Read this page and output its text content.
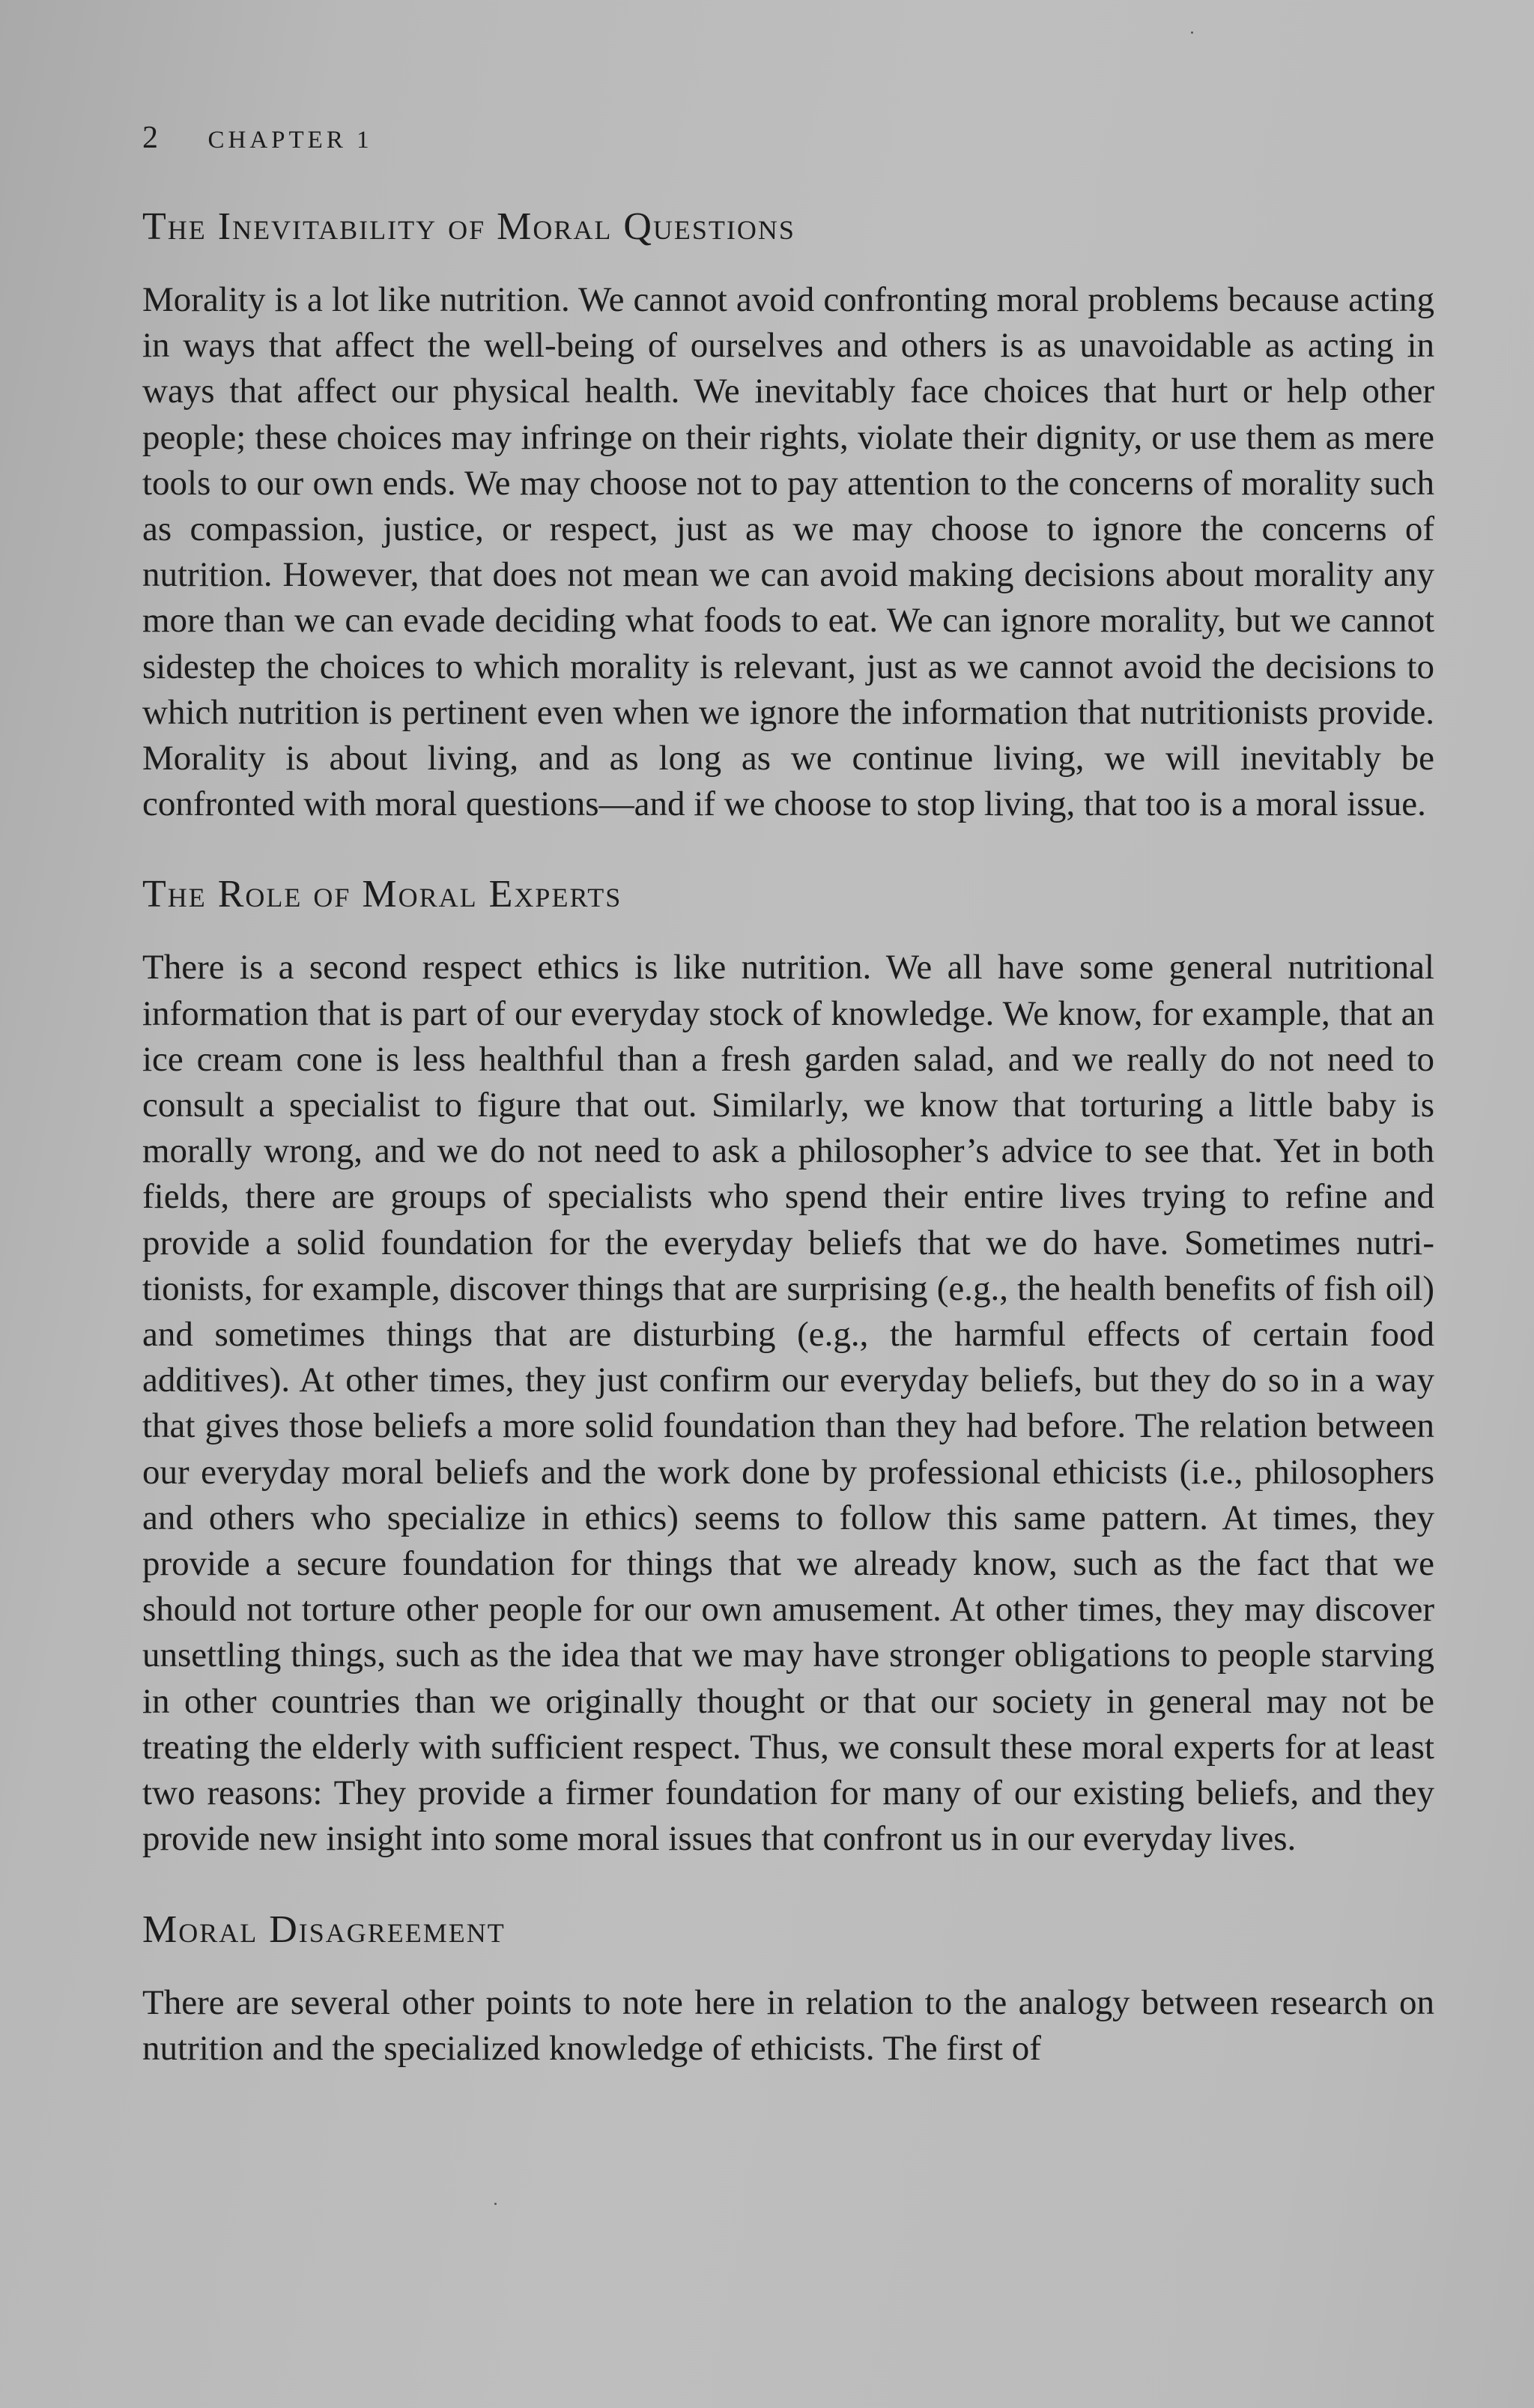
2 CHAPTER 1
The Inevitability of Moral Questions

Morality is a lot like nutrition. We cannot avoid confronting moral problems because acting in ways that affect the well-being of ourselves and others is as unavoidable as acting in ways that affect our physical health. We inevitably face choices that hurt or help other people; these choices may infringe on their rights, violate their dignity, or use them as mere tools to our own ends. We may choose not to pay attention to the concerns of morality such as compassion, justice, or respect, just as we may choose to ignore the concerns of nutrition. However, that does not mean we can avoid making decisions about morality any more than we can evade deciding what foods to eat. We can ignore morality, but we cannot sidestep the choices to which morality is relevant, just as we cannot avoid the decisions to which nutrition is pertinent even when we ignore the information that nutritionists provide. Morality is about living, and as long as we continue living, we will inevitably be confronted with moral questions—and if we choose to stop living, that too is a moral issue.

The Role of Moral Experts

There is a second respect ethics is like nutrition. We all have some general nutritional information that is part of our everyday stock of knowledge. We know, for example, that an ice cream cone is less healthful than a fresh garden salad, and we really do not need to consult a specialist to figure that out. Similarly, we know that torturing a little baby is morally wrong, and we do not need to ask a philosopher’s advice to see that. Yet in both fields, there are groups of specialists who spend their entire lives trying to refine and provide a solid foundation for the everyday beliefs that we do have. Sometimes nutritionists, for example, discover things that are surprising (e.g., the health benefits of fish oil) and sometimes things that are disturbing (e.g., the harmful effects of certain food additives). At other times, they just confirm our everyday beliefs, but they do so in a way that gives those beliefs a more solid foundation than they had before. The relation between our everyday moral beliefs and the work done by professional ethicists (i.e., philosophers and others who specialize in ethics) seems to follow this same pattern. At times, they provide a secure foundation for things that we already know, such as the fact that we should not torture other people for our own amusement. At other times, they may discover unsettling things, such as the idea that we may have stronger obligations to people starving in other countries than we originally thought or that our society in general may not be treating the elderly with sufficient respect. Thus, we consult these moral experts for at least two reasons: They provide a firmer foundation for many of our existing beliefs, and they provide new insight into some moral issues that confront us in our everyday lives.

Moral Disagreement

There are several other points to note here in relation to the analogy between research on nutrition and the specialized knowledge of ethicists. The first of
